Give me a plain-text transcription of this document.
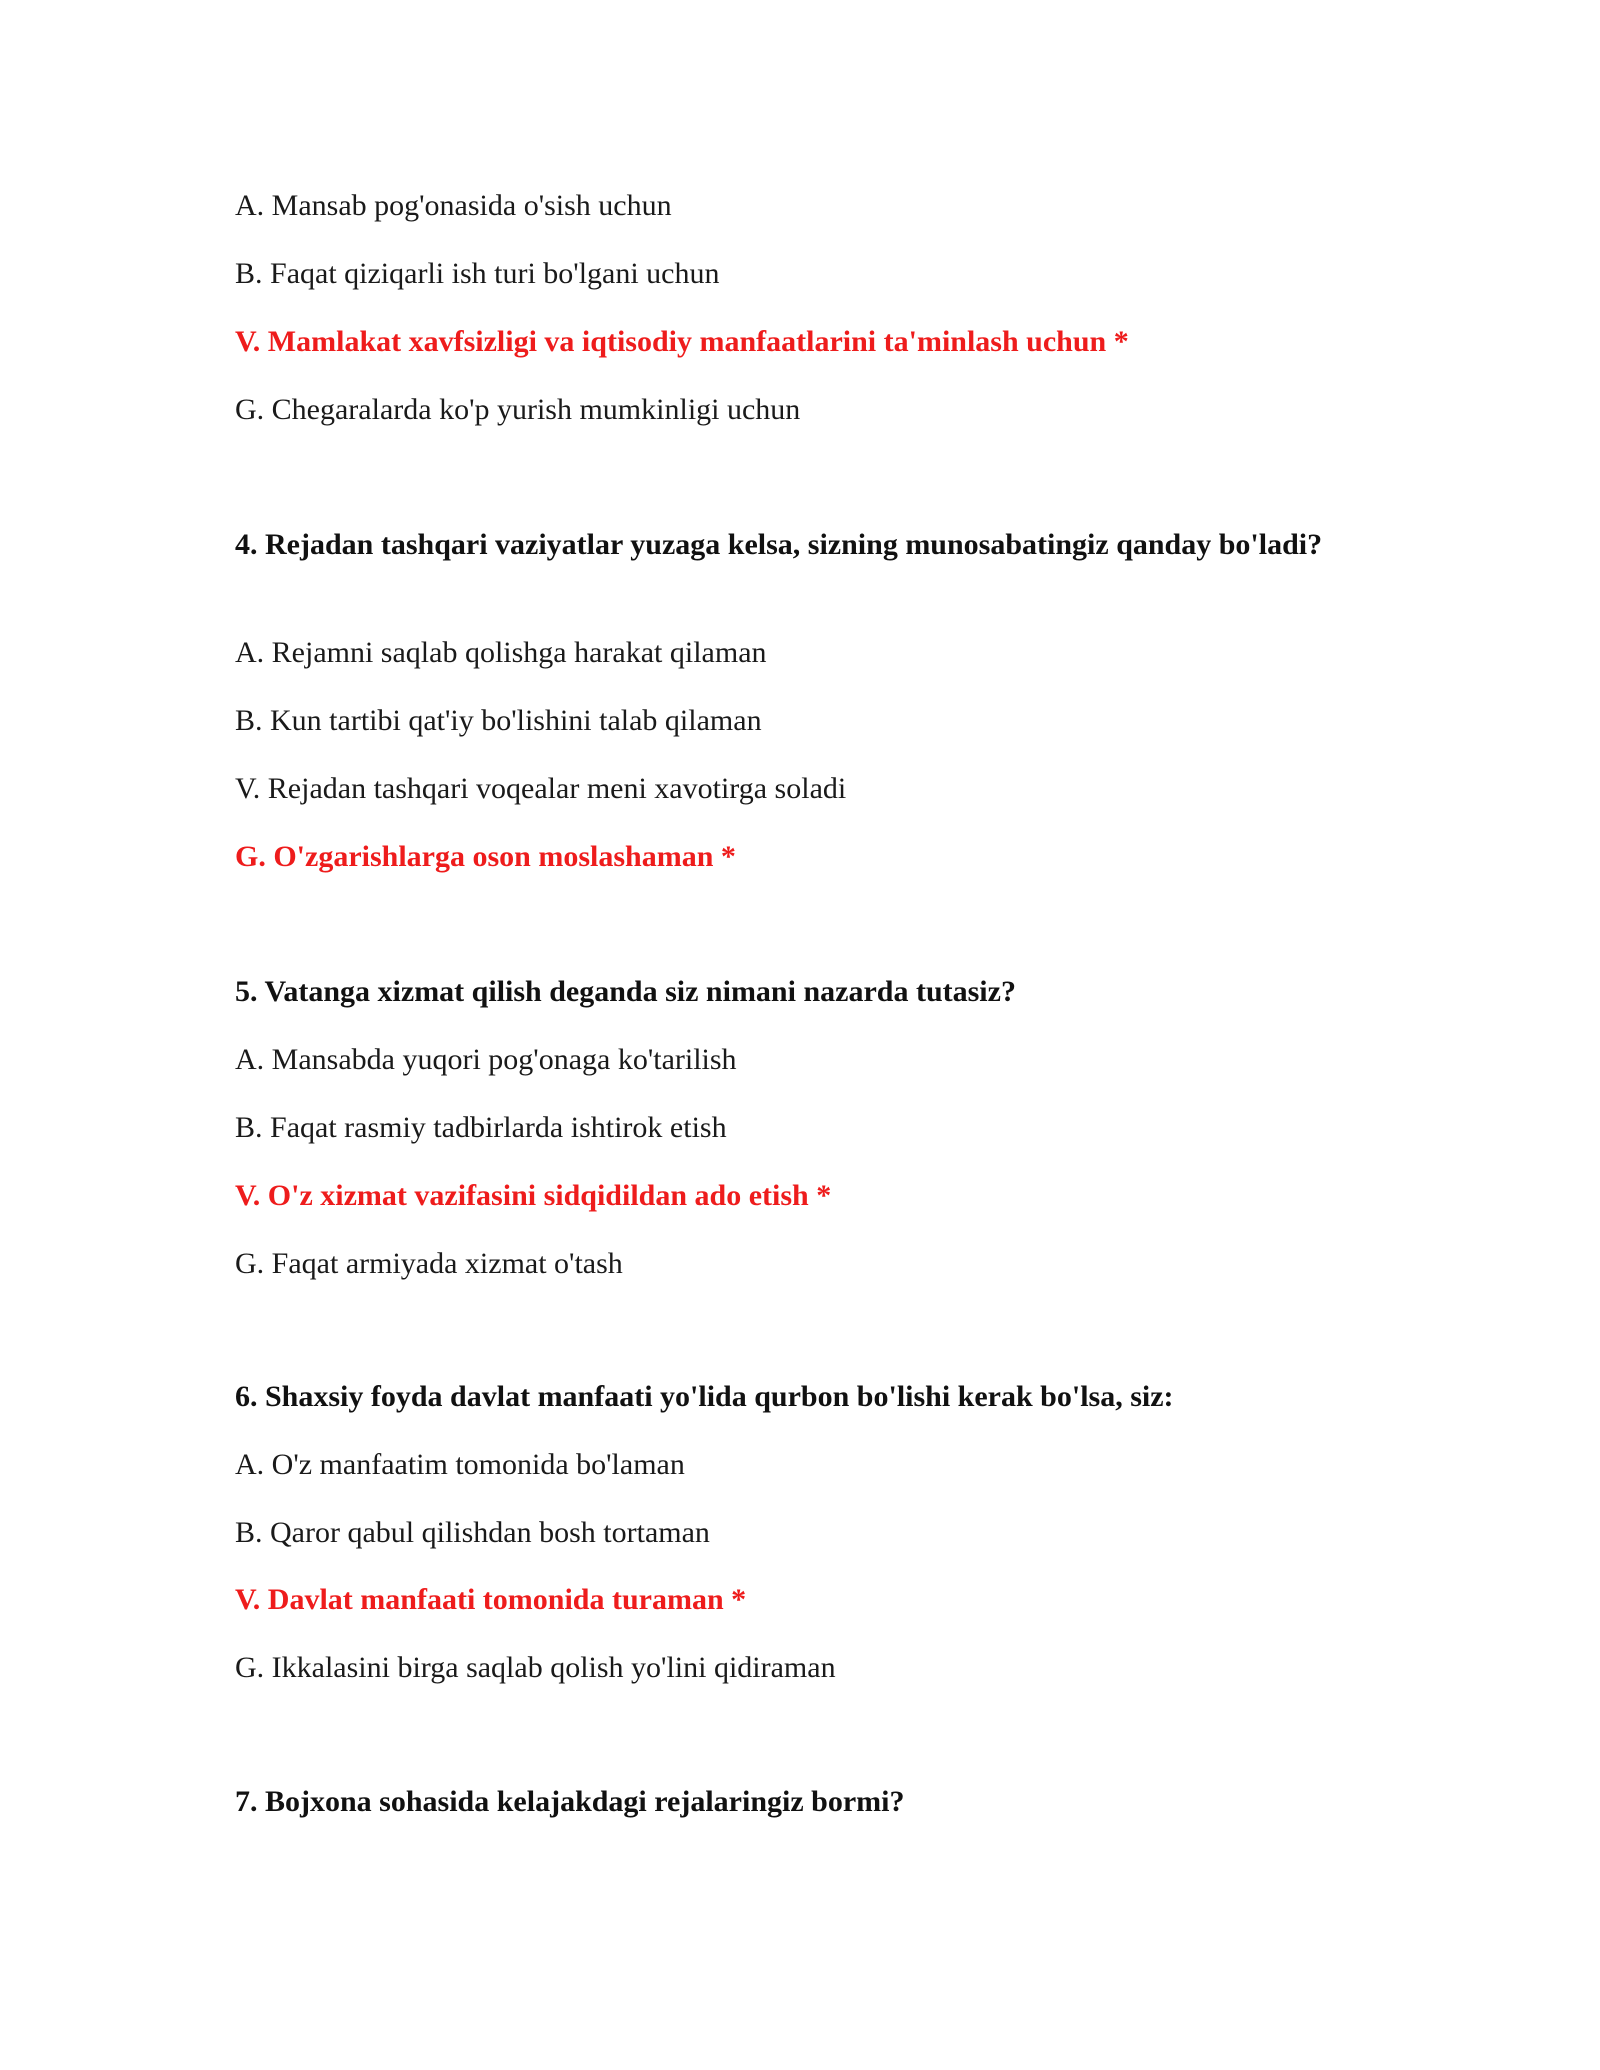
A. Mansab pog'onasida o'sish uchun
B. Faqat qiziqarli ish turi bo'lgani uchun
V. Mamlakat xavfsizligi va iqtisodiy manfaatlarini ta'minlash uchun *
G. Chegaralarda ko'p yurish mumkinligi uchun
4. Rejadan tashqari vaziyatlar yuzaga kelsa, sizning munosabatingiz qanday bo'ladi?
A. Rejamni saqlab qolishga harakat qilaman
B. Kun tartibi qat'iy bo'lishini talab qilaman
V. Rejadan tashqari voqealar meni xavotirga soladi
G. O'zgarishlarga oson moslashaman *
5. Vatanga xizmat qilish deganda siz nimani nazarda tutasiz?
A. Mansabda yuqori pog'onaga ko'tarilish
B. Faqat rasmiy tadbirlarda ishtirok etish
V. O'z xizmat vazifasini sidqidildan ado etish *
G. Faqat armiyada xizmat o'tash
6. Shaxsiy foyda davlat manfaati yo'lida qurbon bo'lishi kerak bo'lsa, siz:
A. O'z manfaatim tomonida bo'laman
B. Qaror qabul qilishdan bosh tortaman
V. Davlat manfaati tomonida turaman *
G. Ikkalasini birga saqlab qolish yo'lini qidiraman
7. Bojxona sohasida kelajakdagi rejalaringiz bormi?
